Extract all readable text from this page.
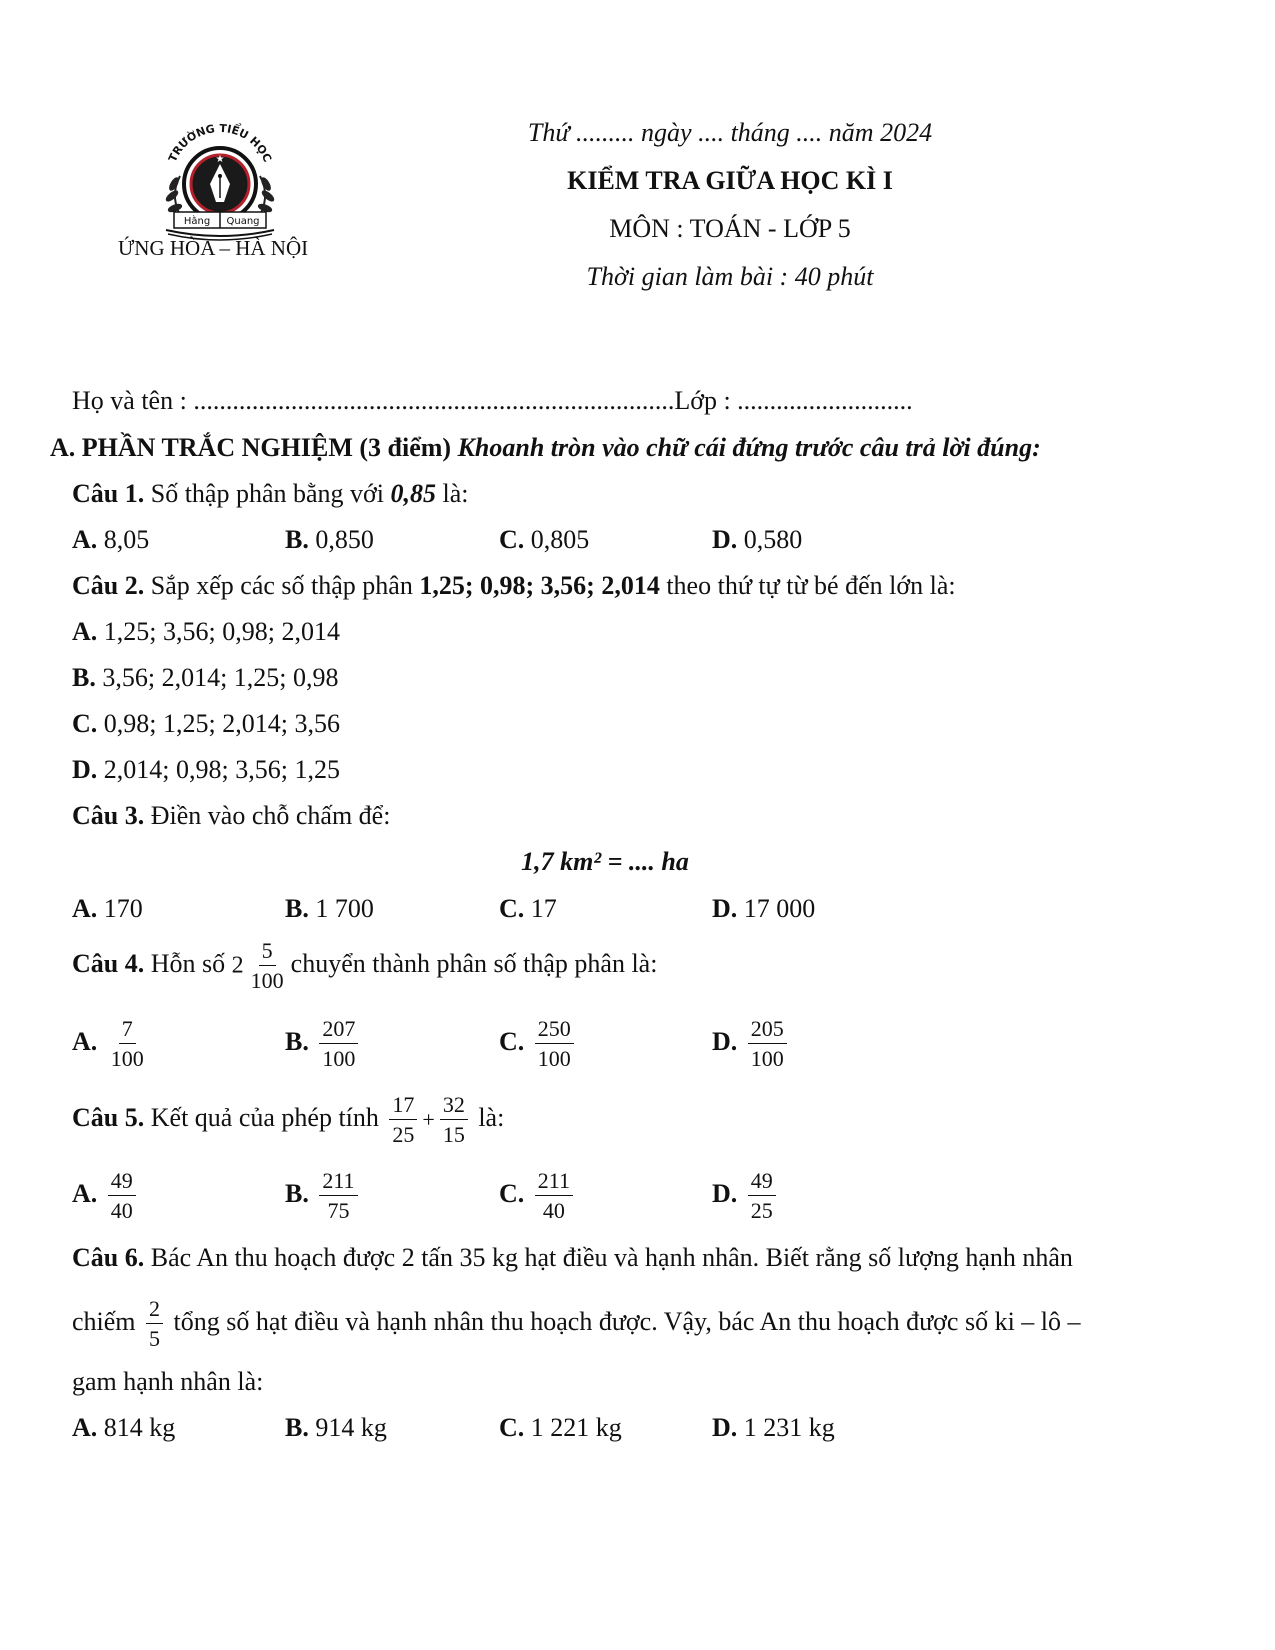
★
TRƯỜNG TIỂU HỌC
Hằng Quang
ỨNG HÒA – HÀ NỘI
Thứ ......... ngày .... tháng .... năm 2024
KIỂM TRA GIỮA HỌC KÌ I
MÔN : TOÁN - LỚP 5
Thời gian làm bài : 40 phút
Họ và tên : ..........................................................................Lớp : ...........................
A. PHẦN TRẮC NGHIỆM (3 điểm) Khoanh tròn vào chữ cái đứng trước câu trả lời đúng:
Câu 1. Số thập phân bằng với 0,85 là:
A. 8,05	B. 0,850	C. 0,805	D. 0,580
Câu 2. Sắp xếp các số thập phân 1,25; 0,98; 3,56; 2,014 theo thứ tự từ bé đến lớn là:
A. 1,25; 3,56; 0,98; 2,014
B. 3,56; 2,014; 1,25; 0,98
C. 0,98; 1,25; 2,014; 3,56
D. 2,014; 0,98; 3,56; 1,25
Câu 3. Điền vào chỗ chấm để:
1,7 km² = .... ha
A. 170	B. 1 700	C. 17	D. 17 000
Câu 4. Hỗn số $2 \frac{5}{100}$ chuyển thành phân số thập phân là:
A. $\frac{7}{100}$	B. $\frac{207}{100}$	C. $\frac{250}{100}$	D. $\frac{205}{100}$
Câu 5. Kết quả của phép tính $\frac{17}{25} + \frac{32}{15}$ là:
A. $\frac{49}{40}$	B. $\frac{211}{75}$	C. $\frac{211}{40}$	D. $\frac{49}{25}$
Câu 6. Bác An thu hoạch được 2 tấn 35 kg hạt điều và hạnh nhân. Biết rằng số lượng hạnh nhân
chiếm $\frac{2}{5}$ tổng số hạt điều và hạnh nhân thu hoạch được. Vậy, bác An thu hoạch được số ki – lô –
gam hạnh nhân là:
A. 814 kg	B. 914 kg	C. 1 221 kg	D. 1 231 kg
